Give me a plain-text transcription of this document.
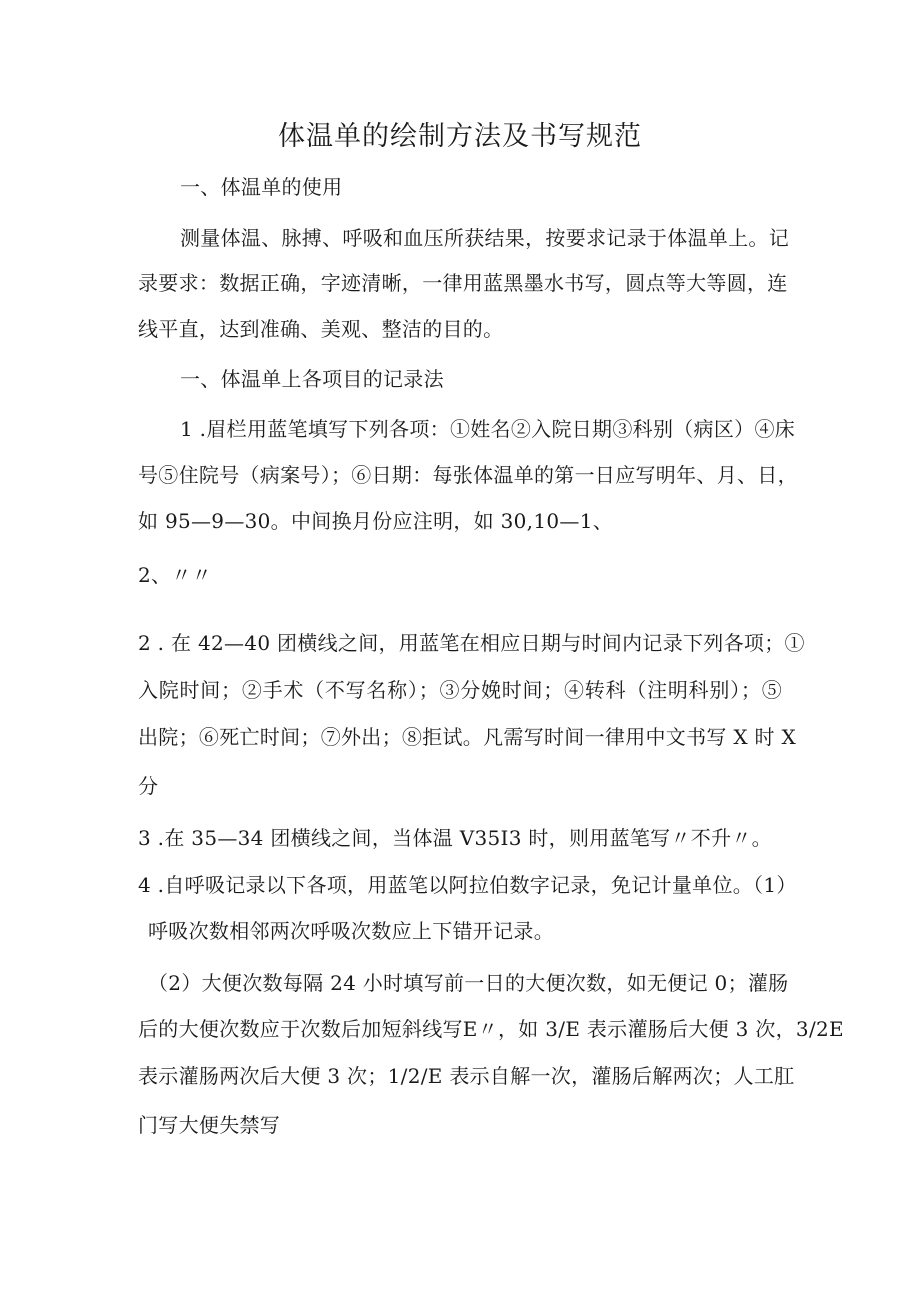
体温单的绘制方法及书写规范

一、体温单的使用

测量体温、脉搏、呼吸和血压所获结果，按要求记录于体温单上。记

录要求：数据正确，字迹清晰，一律用蓝黑墨水书写，圆点等大等圆，连

线平直，达到准确、美观、整洁的目的。

一、体温单上各项目的记录法

1 .眉栏用蓝笔填写下列各项：①姓名②入院日期③科别（病区）④床

号⑤住院号（病案号）；⑥日期：每张体温单的第一日应写明年、月、日，

如 95—9—30。中间换月份应注明，如 30,10—1、

2、〃〃

2 . 在 42—40 团横线之间，用蓝笔在相应日期与时间内记录下列各项；①

入院时间；②手术（不写名称）；③分娩时间；④转科（注明科别）；⑤

出院；⑥死亡时间；⑦外出；⑧拒试。凡需写时间一律用中文书写 X 时 X

分

3 .在 35—34 团横线之间，当体温 V35I3 时，则用蓝笔写〃不升〃。

4 .自呼吸记录以下各项，用蓝笔以阿拉伯数字记录，免记计量单位。（1）

呼吸次数相邻两次呼吸次数应上下错开记录。

（2）大便次数每隔 24 小时填写前一日的大便次数，如无便记 0；灌肠

后的大便次数应于次数后加短斜线写E〃，如 3/E 表示灌肠后大便 3 次，3/2E

表示灌肠两次后大便 3 次；1/2/E 表示自解一次，灌肠后解两次；人工肛

门写大便失禁写
